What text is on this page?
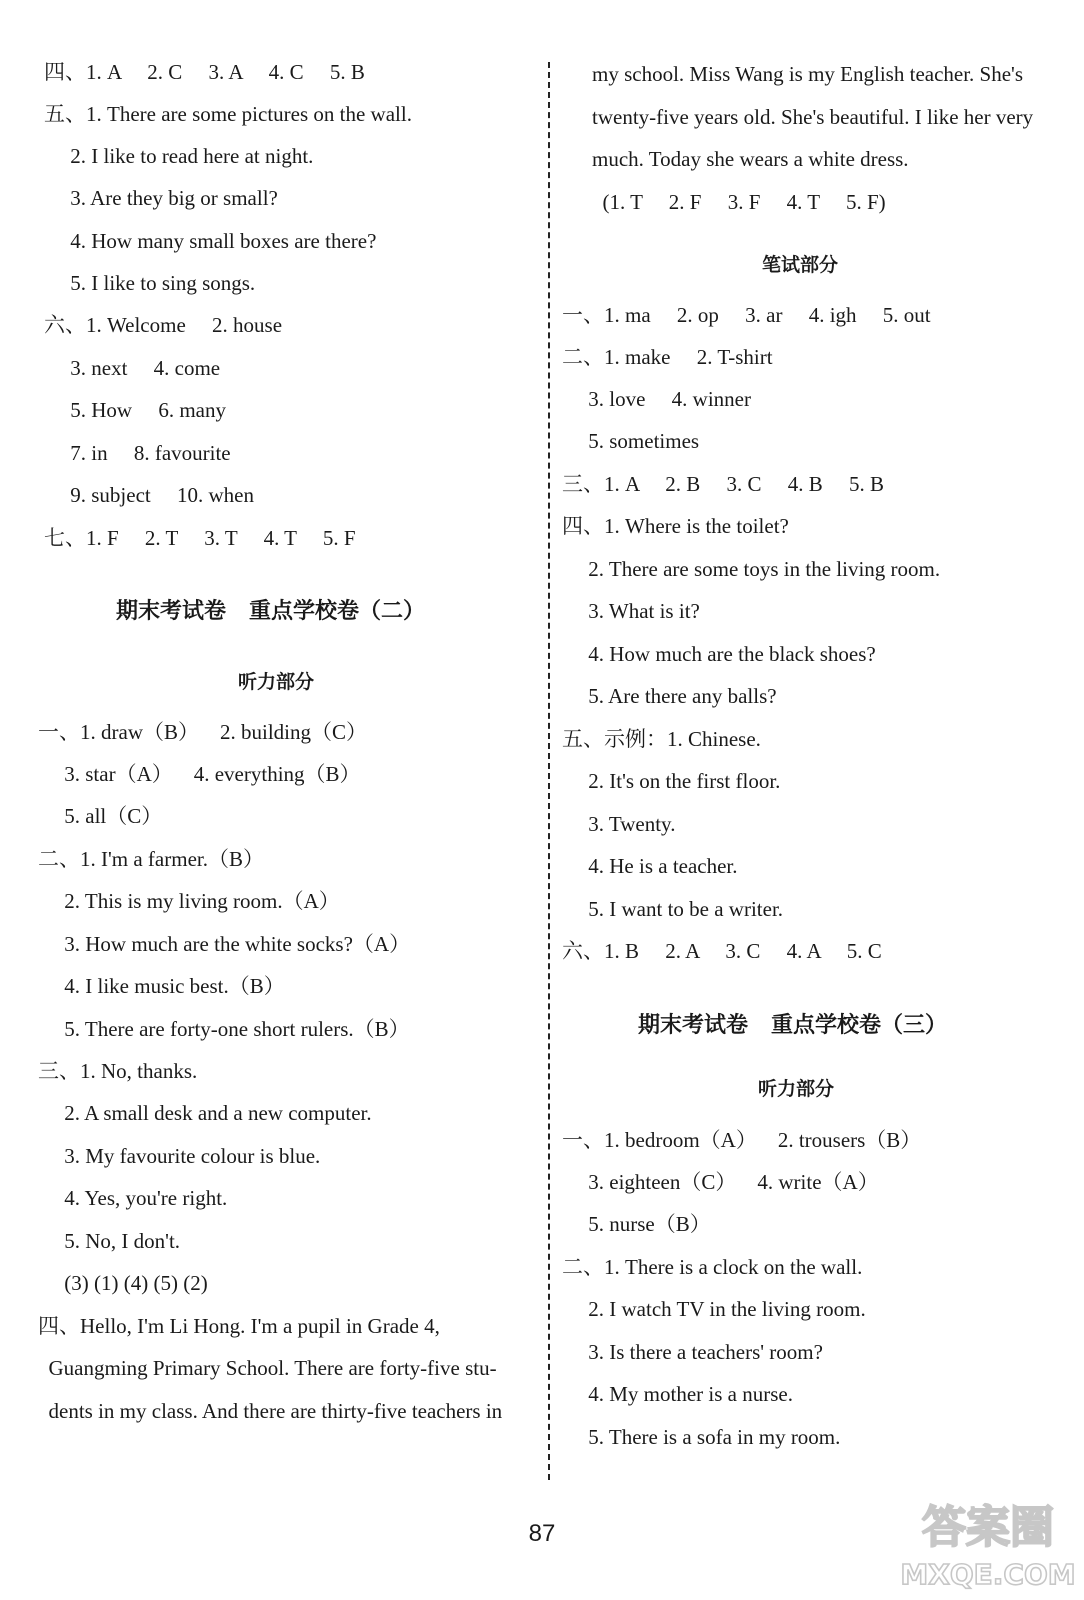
四、1. A     2. C     3. A     4. C     5. B
五、1. There are some pictures on the wall.
2. I like to read here at night.
3. Are they big or small?
4. How many small boxes are there?
5. I like to sing songs.
六、1. Welcome     2. house
3. next     4. come
5. How     6. many
7. in     8. favourite
9. subject     10. when
七、1. F     2. T     3. T     4. T     5. F
期末考试卷   重点学校卷（二）
听力部分
一、1. draw（B）    2. building（C）
3. star（A）    4. everything（B）
5. all（C）
二、1. I'm a farmer.（B）
2. This is my living room.（A）
3. How much are the white socks?（A）
4. I like music best.（B）
5. There are forty-one short rulers.（B）
三、1. No, thanks.
2. A small desk and a new computer.
3. My favourite colour is blue.
4. Yes, you're right.
5. No, I don't.
(3) (1) (4) (5) (2)
四、Hello, I'm Li Hong. I'm a pupil in Grade 4,
Guangming Primary School. There are forty-five stu-
dents in my class. And there are thirty-five teachers in
my school. Miss Wang is my English teacher. She's
twenty-five years old. She's beautiful. I like her very
much. Today she wears a white dress.
(1. T     2. F     3. F     4. T     5. F)
笔试部分
一、1. ma     2. op     3. ar     4. igh     5. out
二、1. make     2. T-shirt
3. love     4. winner
5. sometimes
三、1. A     2. B     3. C     4. B     5. B
四、1. Where is the toilet?
2. There are some toys in the living room.
3. What is it?
4. How much are the black shoes?
5. Are there any balls?
五、示例：1. Chinese.
2. It's on the first floor.
3. Twenty.
4. He is a teacher.
5. I want to be a writer.
六、1. B     2. A     3. C     4. A     5. C
期末考试卷   重点学校卷（三）
听力部分
一、1. bedroom（A）    2. trousers（B）
3. eighteen（C）    4. write（A）
5. nurse（B）
二、1. There is a clock on the wall.
2. I watch TV in the living room.
3. Is there a teachers' room?
4. My mother is a nurse.
5. There is a sofa in my room.
87	答案圈
MXQE.COM
